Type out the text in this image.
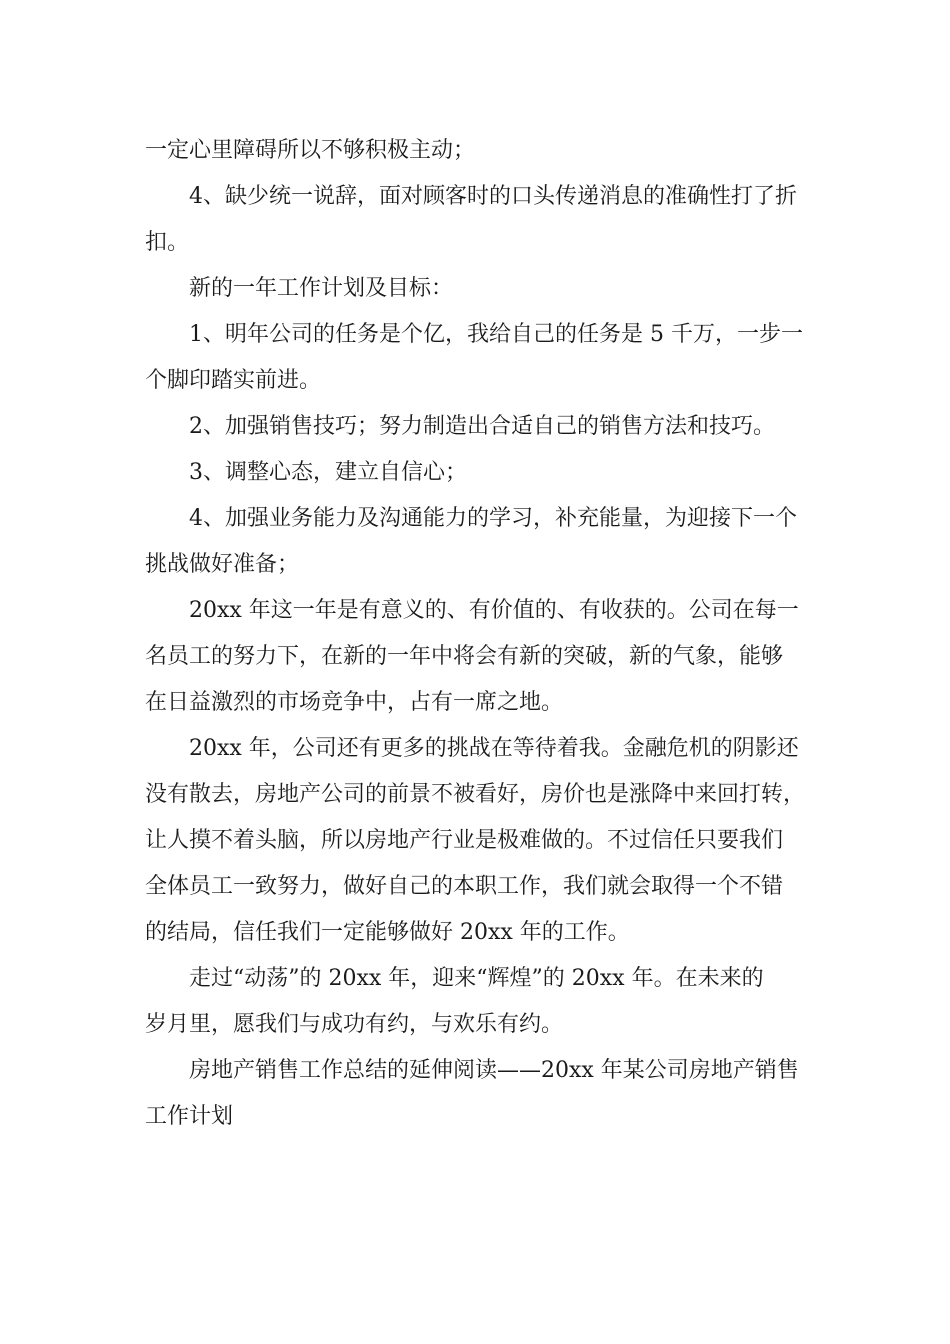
一定心里障碍所以不够积极主动；

4、缺少统一说辞，面对顾客时的口头传递消息的准确性打了折
扣。

新的一年工作计划及目标：

1、明年公司的任务是个亿，我给自己的任务是 5 千万，一步一
个脚印踏实前进。

2、加强销售技巧；努力制造出合适自己的销售方法和技巧。

3、调整心态，建立自信心；

4、加强业务能力及沟通能力的学习，补充能量，为迎接下一个
挑战做好准备；

20xx 年这一年是有意义的、有价值的、有收获的。公司在每一
名员工的努力下，在新的一年中将会有新的突破，新的气象，能够
在日益激烈的市场竞争中，占有一席之地。

20xx 年，公司还有更多的挑战在等待着我。金融危机的阴影还
没有散去，房地产公司的前景不被看好，房价也是涨降中来回打转，
让人摸不着头脑，所以房地产行业是极难做的。不过信任只要我们
全体员工一致努力，做好自己的本职工作，我们就会取得一个不错
的结局，信任我们一定能够做好 20xx 年的工作。

走过“动荡”的 20xx 年，迎来“辉煌”的 20xx 年。在未来的
岁月里，愿我们与成功有约，与欢乐有约。

房地产销售工作总结的延伸阅读——20xx 年某公司房地产销售
工作计划
